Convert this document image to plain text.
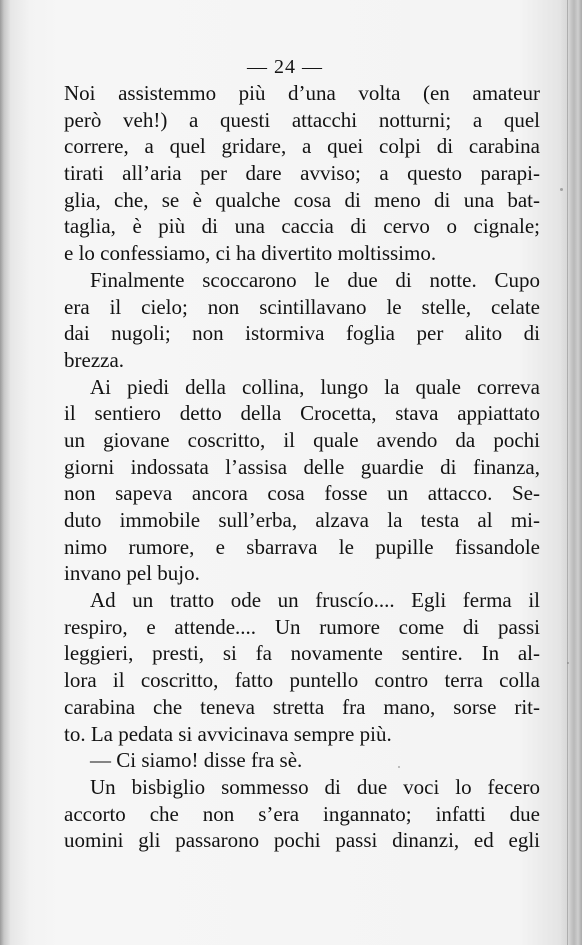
— 24 —
Noi assistemmo più d’una volta (en amateur
però veh!) a questi attacchi notturni; a quel
correre, a quel gridare, a quei colpi di carabina
tirati all’aria per dare avviso; a questo parapi-
glia, che, se è qualche cosa di meno di una bat-
taglia, è più di una caccia di cervo o cignale;
e lo confessiamo, ci ha divertito moltissimo.
Finalmente scoccarono le due di notte. Cupo
era il cielo; non scintillavano le stelle, celate
dai nugoli; non istormiva foglia per alito di
brezza.
Ai piedi della collina, lungo la quale correva
il sentiero detto della Crocetta, stava appiattato
un giovane coscritto, il quale avendo da pochi
giorni indossata l’assisa delle guardie di finanza,
non sapeva ancora cosa fosse un attacco. Se-
duto immobile sull’erba, alzava la testa al mi-
nimo rumore, e sbarrava le pupille fissandole
invano pel bujo.
Ad un tratto ode un fruscío.... Egli ferma il
respiro, e attende.... Un rumore come di passi
leggieri, presti, si fa novamente sentire. In al-
lora il coscritto, fatto puntello contro terra colla
carabina che teneva stretta fra mano, sorse rit-
to. La pedata si avvicinava sempre più.
— Ci siamo! disse fra sè.
Un bisbiglio sommesso di due voci lo fecero
accorto che non s’era ingannato; infatti due
uomini gli passarono pochi passi dinanzi, ed egli
